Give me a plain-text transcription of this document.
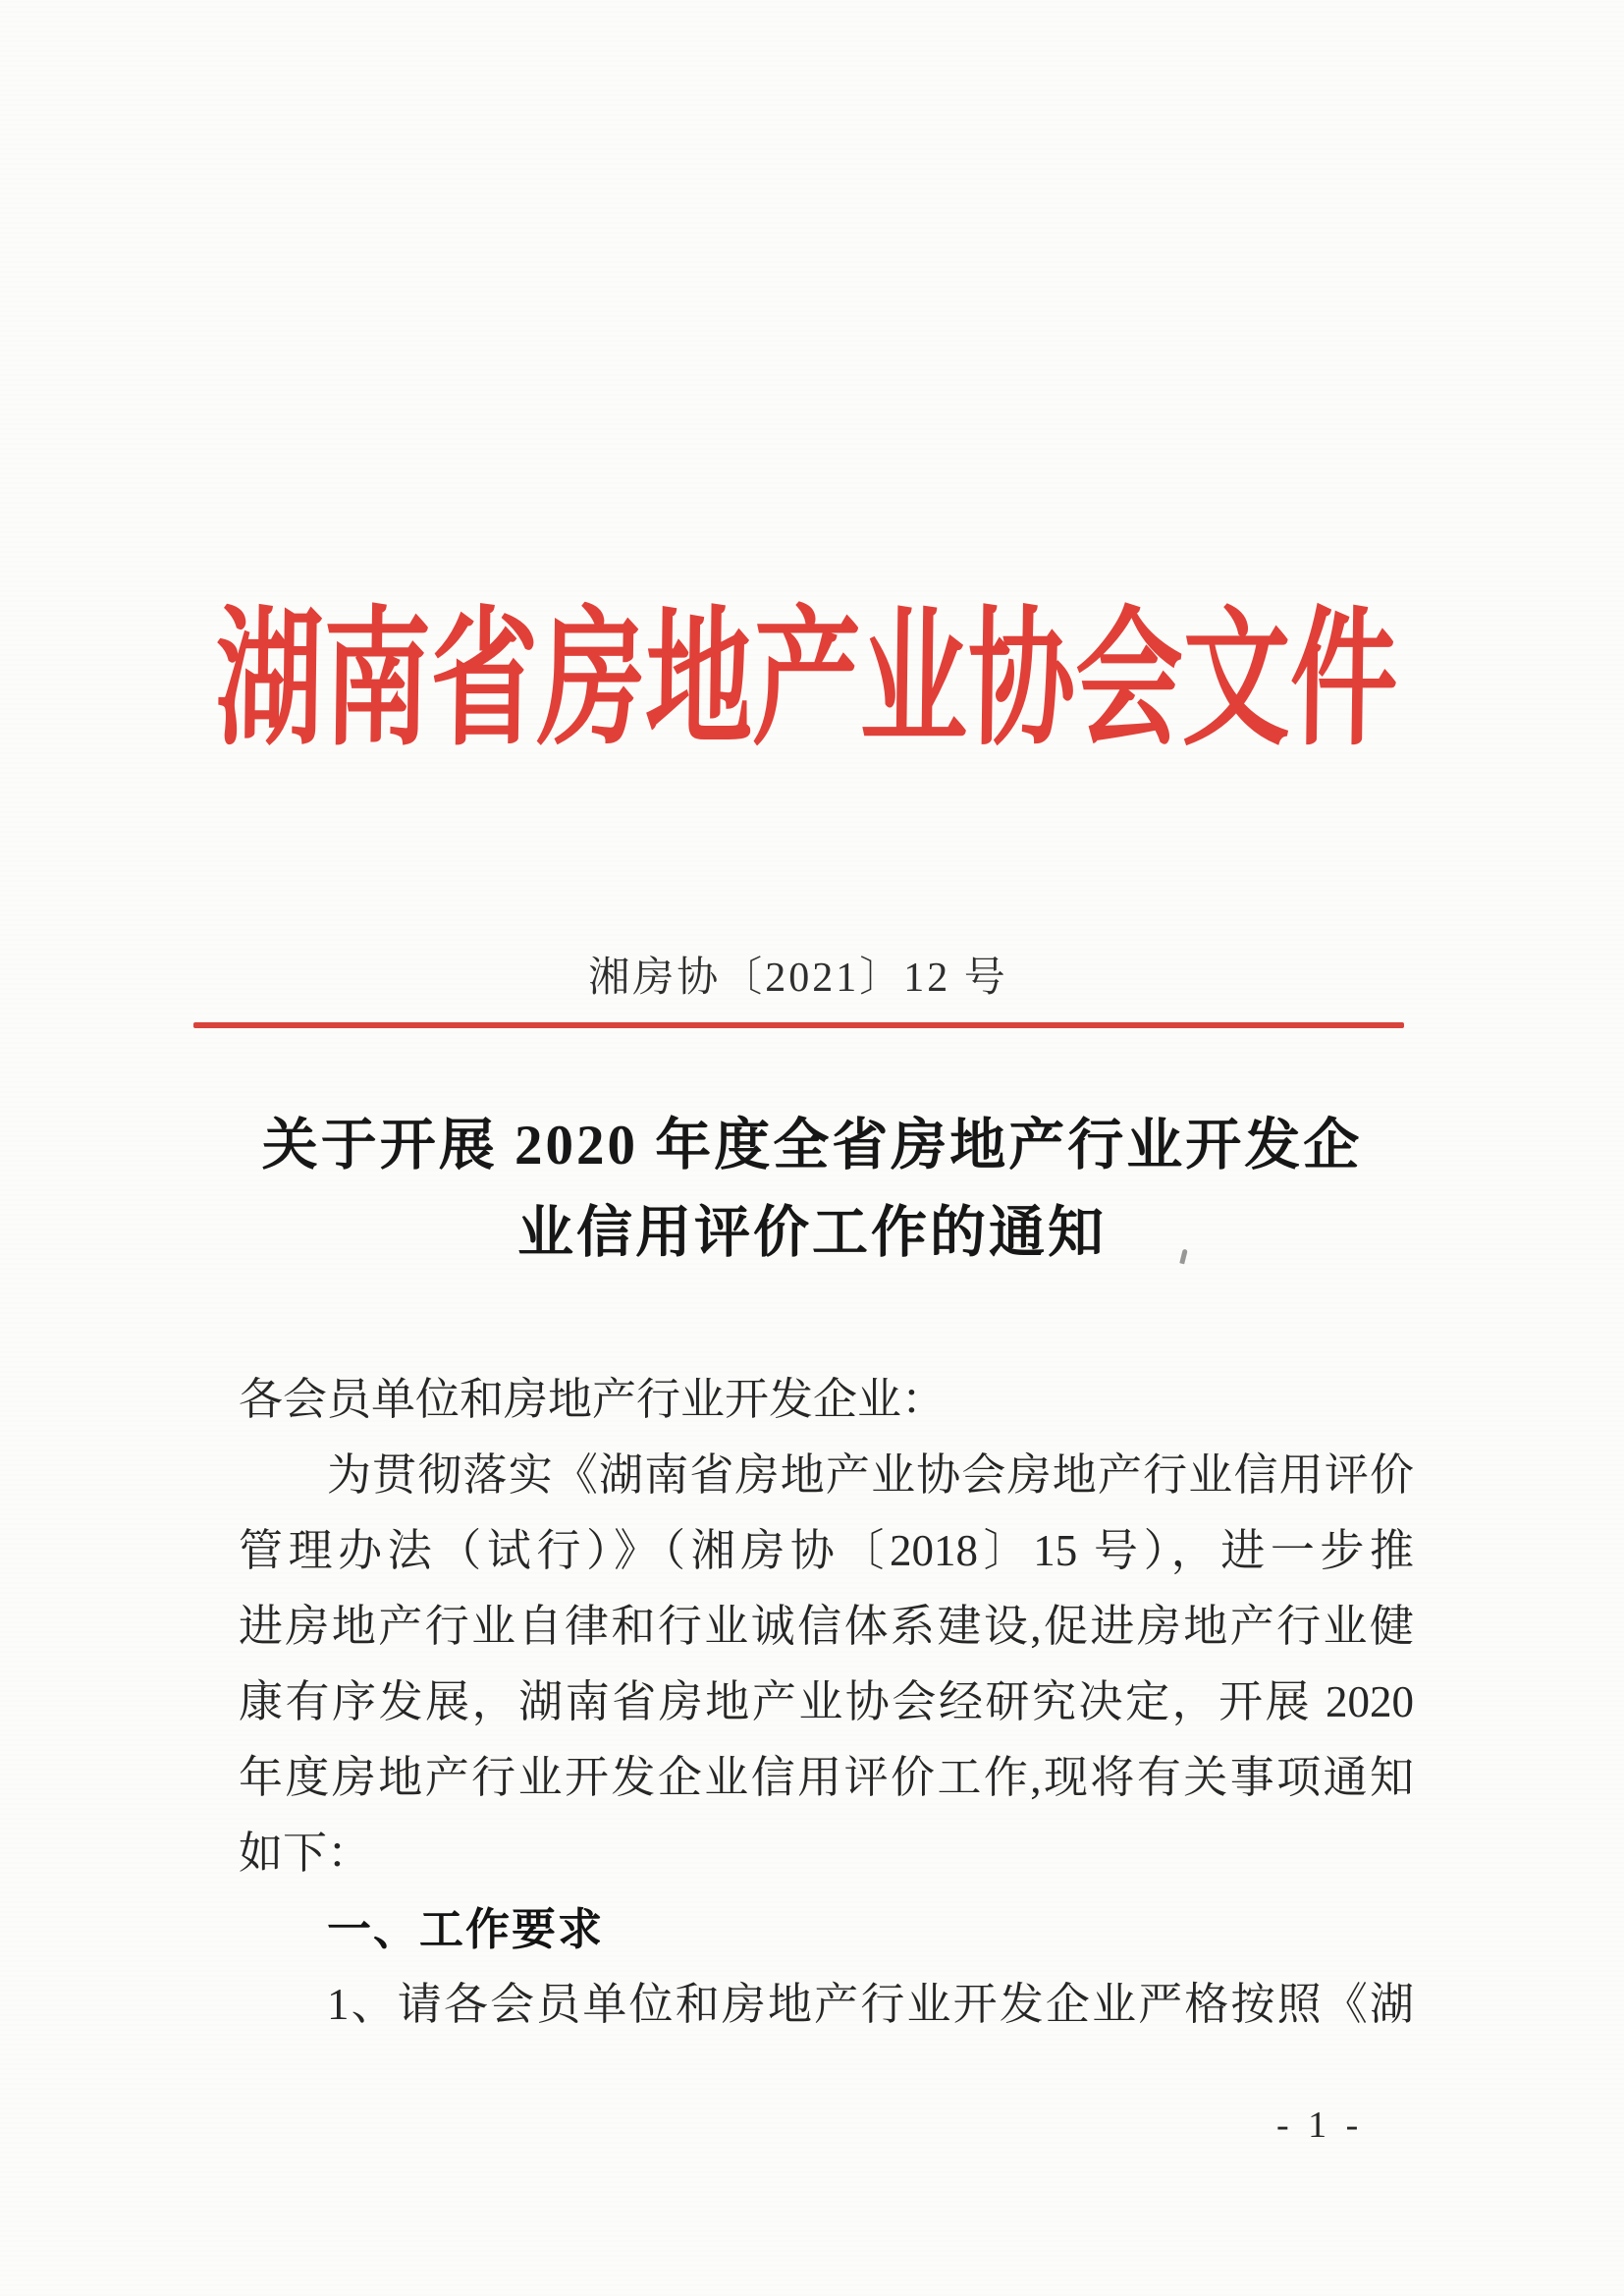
湖南省房地产业协会文件
湘房协〔2021〕12 号
关于开展 2020 年度全省房地产行业开发企
业信用评价工作的通知
各会员单位和房地产行业开发企业：
为贯彻落实《湖南省房地产业协会房地产行业信用评价
管理办法（试行）》（湘房协〔2018〕15 号），进一步推
进房地产行业自律和行业诚信体系建设,促进房地产行业健
康有序发展，湖南省房地产业协会经研究决定，开展 2020
年度房地产行业开发企业信用评价工作,现将有关事项通知
如下：
一、工作要求
1、请各会员单位和房地产行业开发企业严格按照《湖
- 1 -
